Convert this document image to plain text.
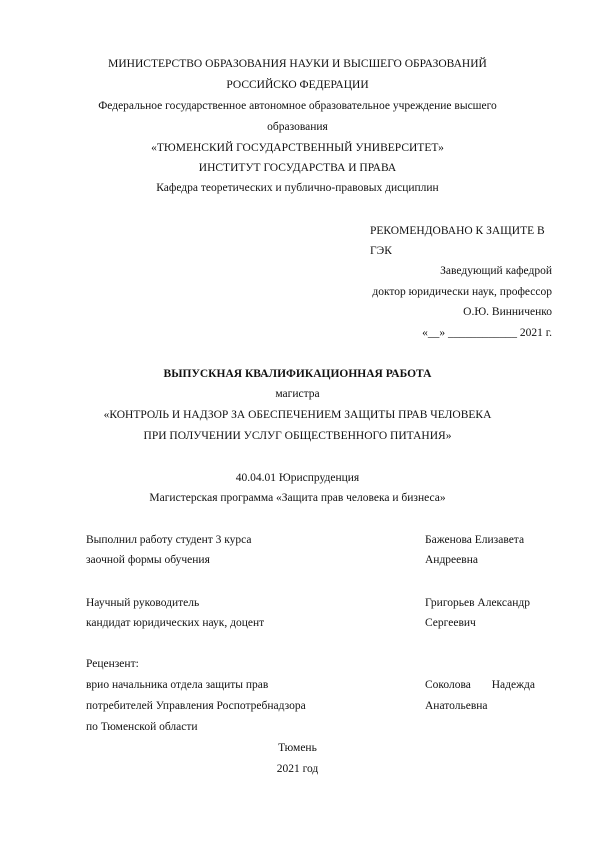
МИНИСТЕРСТВО ОБРАЗОВАНИЯ НАУКИ И ВЫСШЕГО ОБРАЗОВАНИЙ
РОССИЙСКО ФЕДЕРАЦИИ
Федеральное государственное автономное образовательное учреждение высшего
образования
«ТЮМЕНСКИЙ ГОСУДАРСТВЕННЫЙ УНИВЕРСИТЕТ»
ИНСТИТУТ ГОСУДАРСТВА И ПРАВА
Кафедра теоретических и публично-правовых дисциплин
РЕКОМЕНДОВАНО К ЗАЩИТЕ В
ГЭК
Заведующий кафедрой
доктор юридически наук, профессор
О.Ю. Винниченко
«__» ____________ 2021 г.
ВЫПУСКНАЯ КВАЛИФИКАЦИОННАЯ РАБОТА
магистра
«КОНТРОЛЬ И НАДЗОР ЗА ОБЕСПЕЧЕНИЕМ ЗАЩИТЫ ПРАВ ЧЕЛОВЕКА
ПРИ ПОЛУЧЕНИИ УСЛУГ ОБЩЕСТВЕННОГО ПИТАНИЯ»
40.04.01 Юриспруденция
Магистерская программа «Защита прав человека и бизнеса»
Выполнил работу студент 3 курса
заочной формы обучения
Баженова Елизавета
Андреевна
Научный руководитель
кандидат юридических наук, доцент
Григорьев Александр
Сергеевич
Рецензент:
врио начальника отдела защиты прав
потребителей Управления Роспотребнадзора
по Тюменской области
Соколова Надежда
Анатольевна
Тюмень
2021 год
